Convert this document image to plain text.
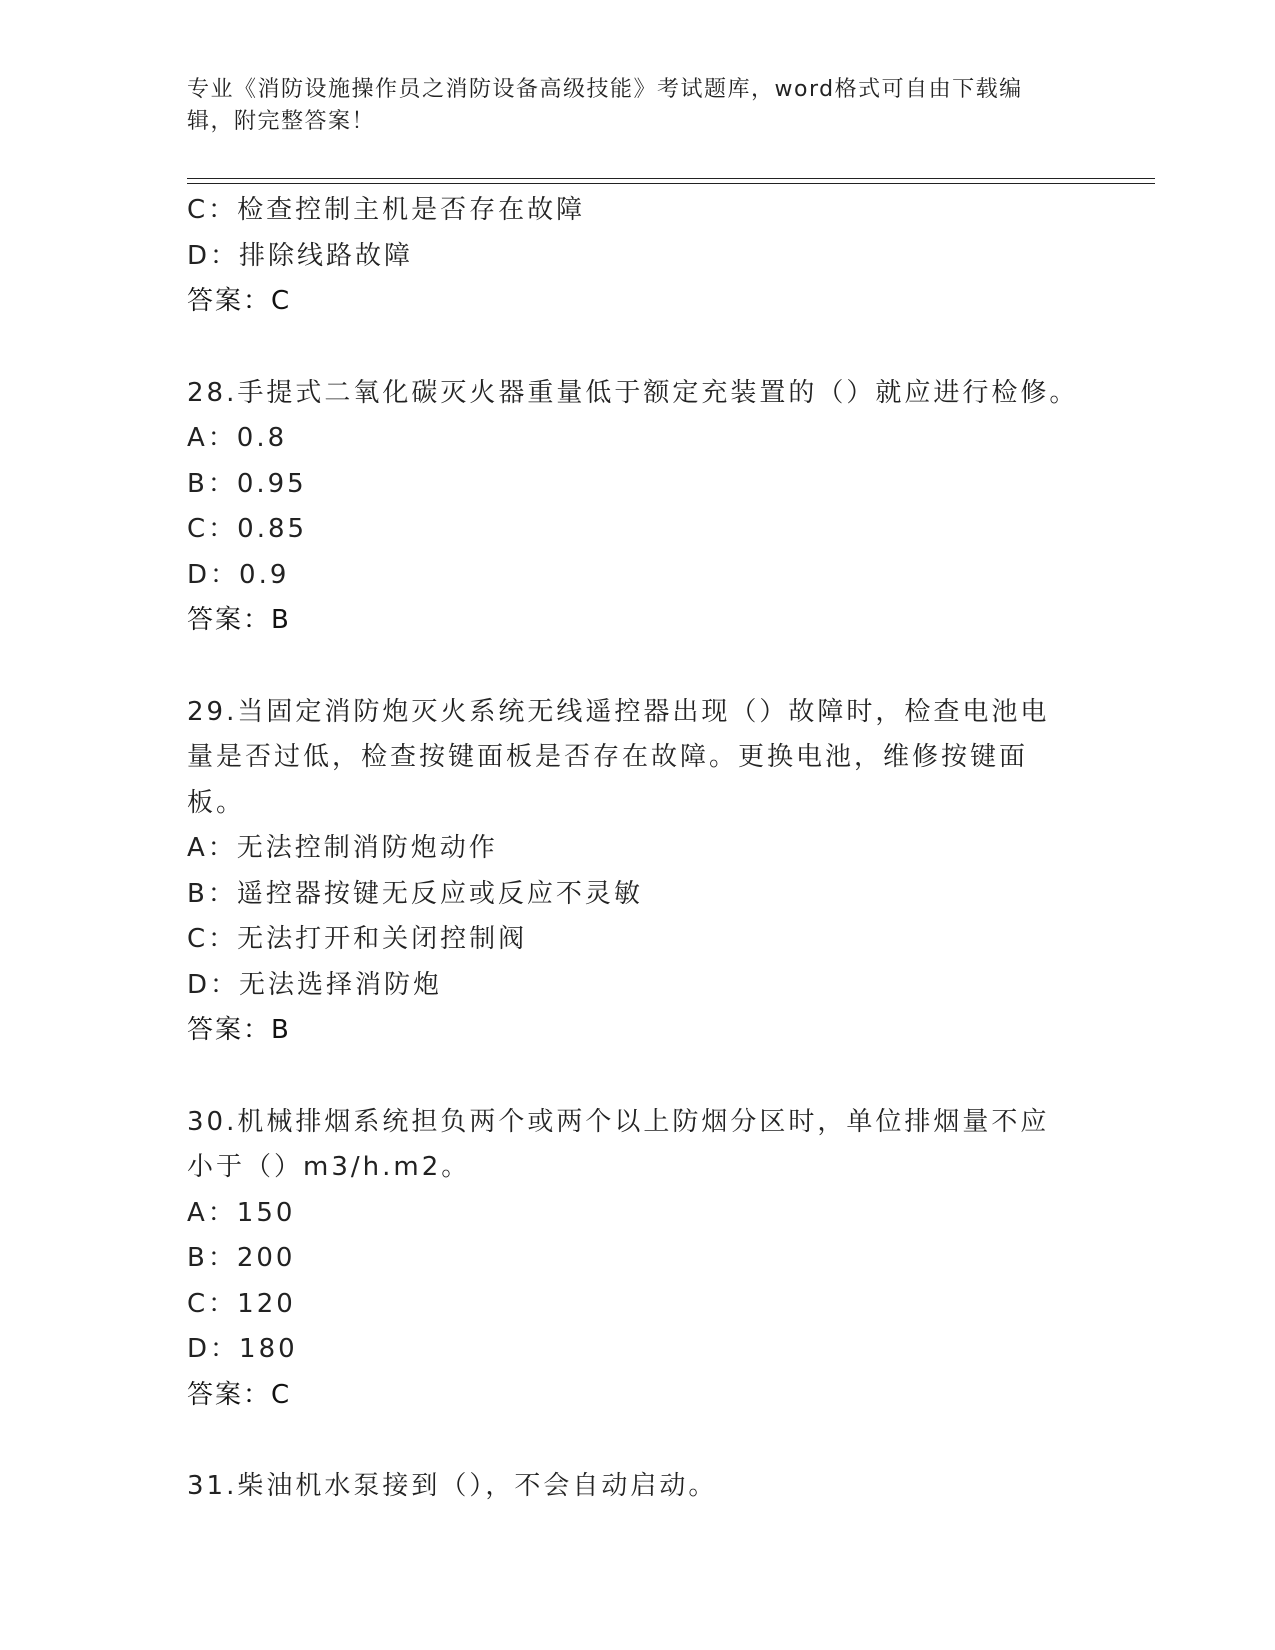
专业《消防设施操作员之消防设备高级技能》考试题库，word格式可自由下载编辑，附完整答案！
C：检查控制主机是否存在故障
D：排除线路故障
答案：C
28.手提式二氧化碳灭火器重量低于额定充装置的（）就应进行检修。
A：0.8
B：0.95
C：0.85
D：0.9
答案：B
29.当固定消防炮灭火系统无线遥控器出现（）故障时，检查电池电量是否过低，检查按键面板是否存在故障。更换电池，维修按键面板。
A：无法控制消防炮动作
B：遥控器按键无反应或反应不灵敏
C：无法打开和关闭控制阀
D：无法选择消防炮
答案：B
30.机械排烟系统担负两个或两个以上防烟分区时，单位排烟量不应小于（）m3/h.m2。
A：150
B：200
C：120
D：180
答案：C
31.柴油机水泵接到（），不会自动启动。
